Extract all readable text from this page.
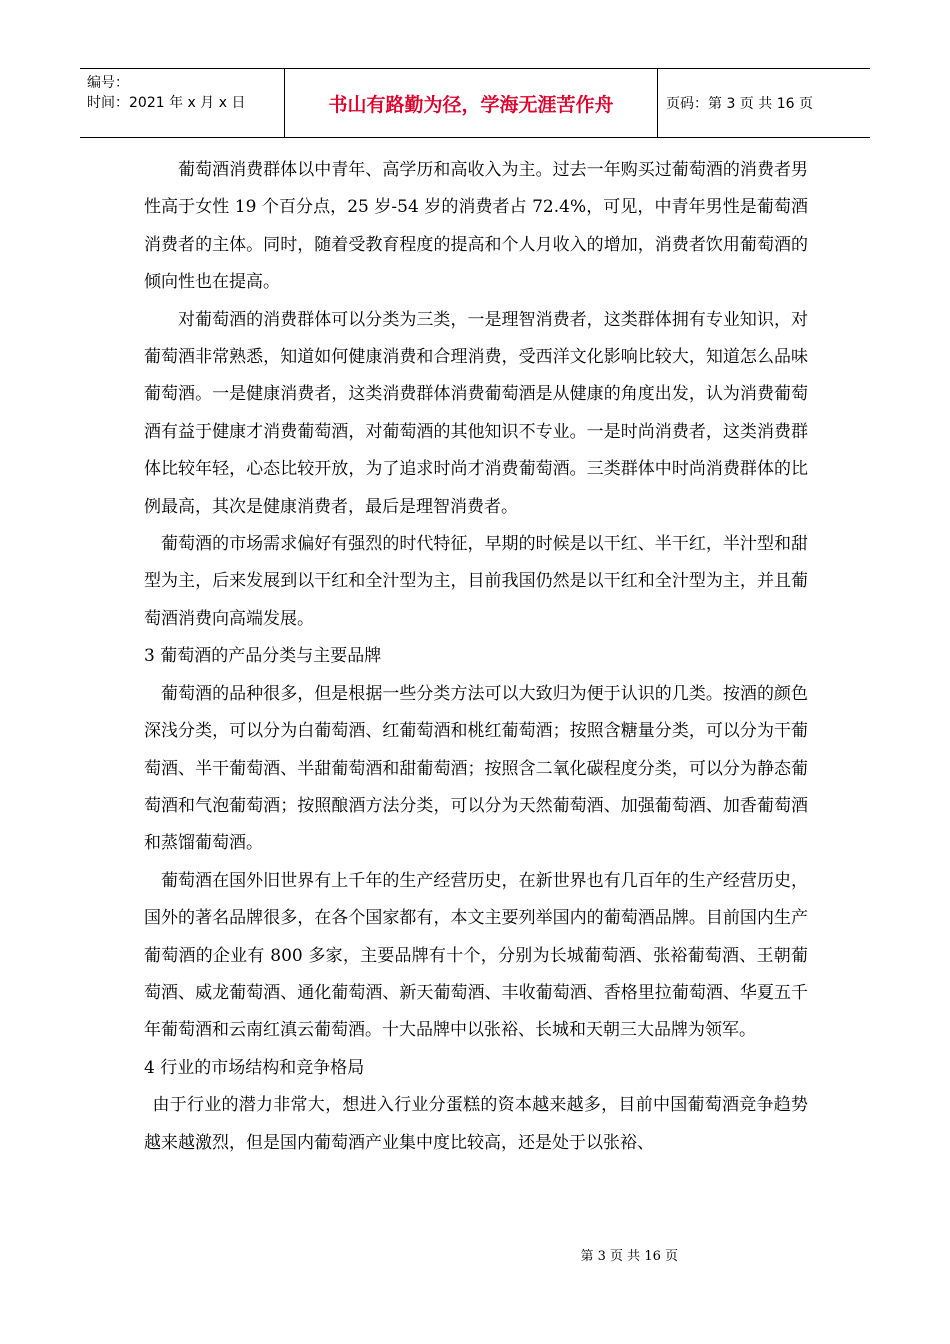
编号：
时间：2021 年 x 月 x 日	书山有路勤为径，学海无涯苦作舟	页码：第 3 页 共 16 页

葡萄酒消费群体以中青年、高学历和高收入为主。过去一年购买过葡萄酒的消费者男性高于女性 19 个百分点，25 岁-54 岁的消费者占 72.4%，可见，中青年男性是葡萄酒消费者的主体。同时，随着受教育程度的提高和个人月收入的增加，消费者饮用葡萄酒的倾向性也在提高。

对葡萄酒的消费群体可以分类为三类，一是理智消费者，这类群体拥有专业知识，对葡萄酒非常熟悉，知道如何健康消费和合理消费，受西洋文化影响比较大，知道怎么品味葡萄酒。一是健康消费者，这类消费群体消费葡萄酒是从健康的角度出发，认为消费葡萄酒有益于健康才消费葡萄酒，对葡萄酒的其他知识不专业。一是时尚消费者，这类消费群体比较年轻，心态比较开放，为了追求时尚才消费葡萄酒。三类群体中时尚消费群体的比例最高，其次是健康消费者，最后是理智消费者。

葡萄酒的市场需求偏好有强烈的时代特征，早期的时候是以干红、半干红，半汁型和甜型为主，后来发展到以干红和全汁型为主，目前我国仍然是以干红和全汁型为主，并且葡萄酒消费向高端发展。

3 葡萄酒的产品分类与主要品牌

葡萄酒的品种很多，但是根据一些分类方法可以大致归为便于认识的几类。按酒的颜色深浅分类，可以分为白葡萄酒、红葡萄酒和桃红葡萄酒；按照含糖量分类，可以分为干葡萄酒、半干葡萄酒、半甜葡萄酒和甜葡萄酒；按照含二氧化碳程度分类，可以分为静态葡萄酒和气泡葡萄酒；按照酿酒方法分类，可以分为天然葡萄酒、加强葡萄酒、加香葡萄酒和蒸馏葡萄酒。

葡萄酒在国外旧世界有上千年的生产经营历史，在新世界也有几百年的生产经营历史，国外的著名品牌很多，在各个国家都有，本文主要列举国内的葡萄酒品牌。目前国内生产葡萄酒的企业有 800 多家，主要品牌有十个，分别为长城葡萄酒、张裕葡萄酒、王朝葡萄酒、威龙葡萄酒、通化葡萄酒、新天葡萄酒、丰收葡萄酒、香格里拉葡萄酒、华夏五千年葡萄酒和云南红滇云葡萄酒。十大品牌中以张裕、长城和天朝三大品牌为领军。

4 行业的市场结构和竞争格局

由于行业的潜力非常大，想进入行业分蛋糕的资本越来越多，目前中国葡萄酒竞争趋势越来越激烈，但是国内葡萄酒产业集中度比较高，还是处于以张裕、

第 3 页 共 16 页
